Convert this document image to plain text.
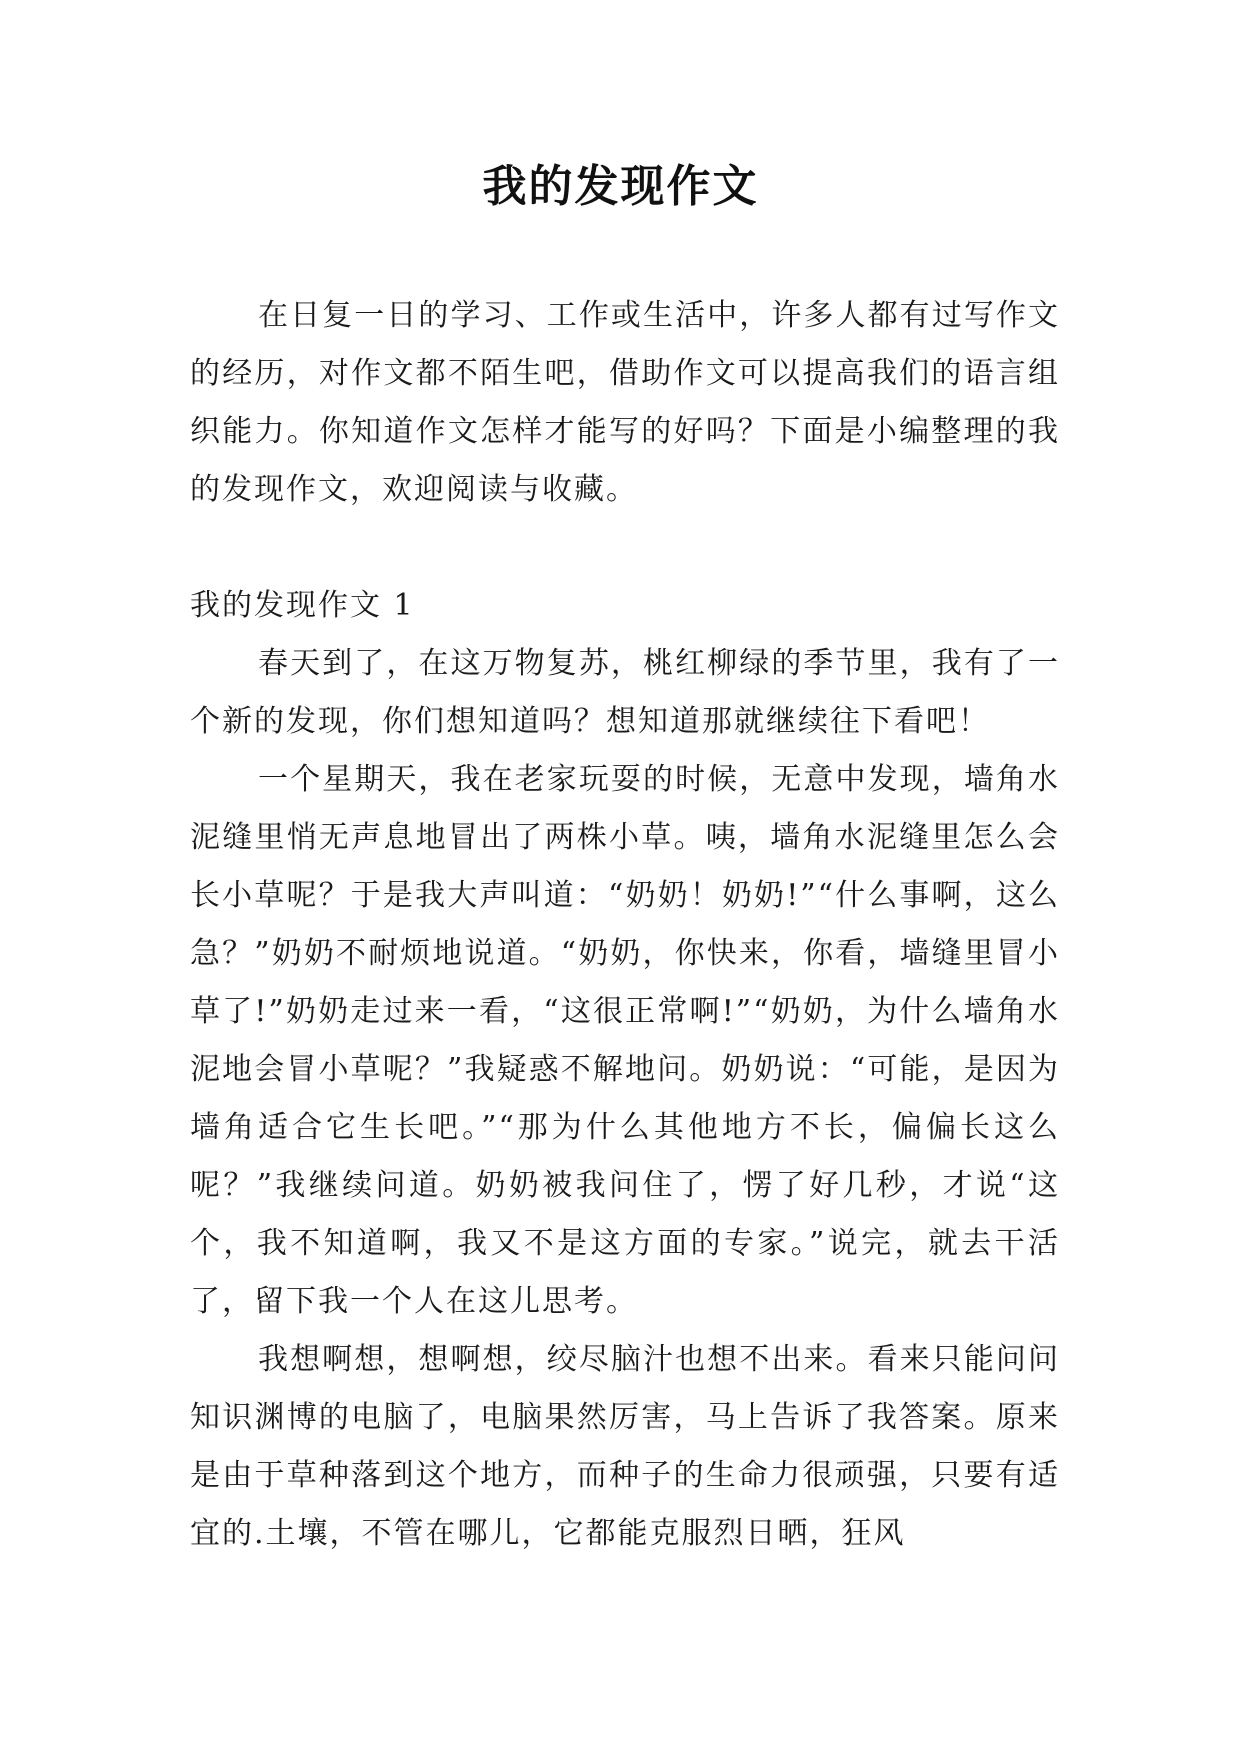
我的发现作文

在日复一日的学习、工作或生活中，许多人都有过写作文的经历，对作文都不陌生吧，借助作文可以提高我们的语言组织能力。你知道作文怎样才能写的好吗？下面是小编整理的我的发现作文，欢迎阅读与收藏。

我的发现作文 1

春天到了，在这万物复苏，桃红柳绿的季节里，我有了一个新的发现，你们想知道吗？想知道那就继续往下看吧！

一个星期天，我在老家玩耍的时候，无意中发现，墙角水泥缝里悄无声息地冒出了两株小草。咦，墙角水泥缝里怎么会长小草呢？于是我大声叫道：“奶奶！奶奶!”“什么事啊，这么急？”奶奶不耐烦地说道。“奶奶，你快来，你看，墙缝里冒小草了!”奶奶走过来一看，“这很正常啊!”“奶奶，为什么墙角水泥地会冒小草呢？”我疑惑不解地问。奶奶说：“可能，是因为墙角适合它生长吧。”“那为什么其他地方不长，偏偏长这么呢？”我继续问道。奶奶被我问住了，愣了好几秒，才说“这个，我不知道啊，我又不是这方面的专家。”说完，就去干活了，留下我一个人在这儿思考。

我想啊想，想啊想，绞尽脑汁也想不出来。看来只能问问知识渊博的电脑了，电脑果然厉害，马上告诉了我答案。原来是由于草种落到这个地方，而种子的生命力很顽强，只要有适宜的.土壤，不管在哪儿，它都能克服烈日晒，狂风
